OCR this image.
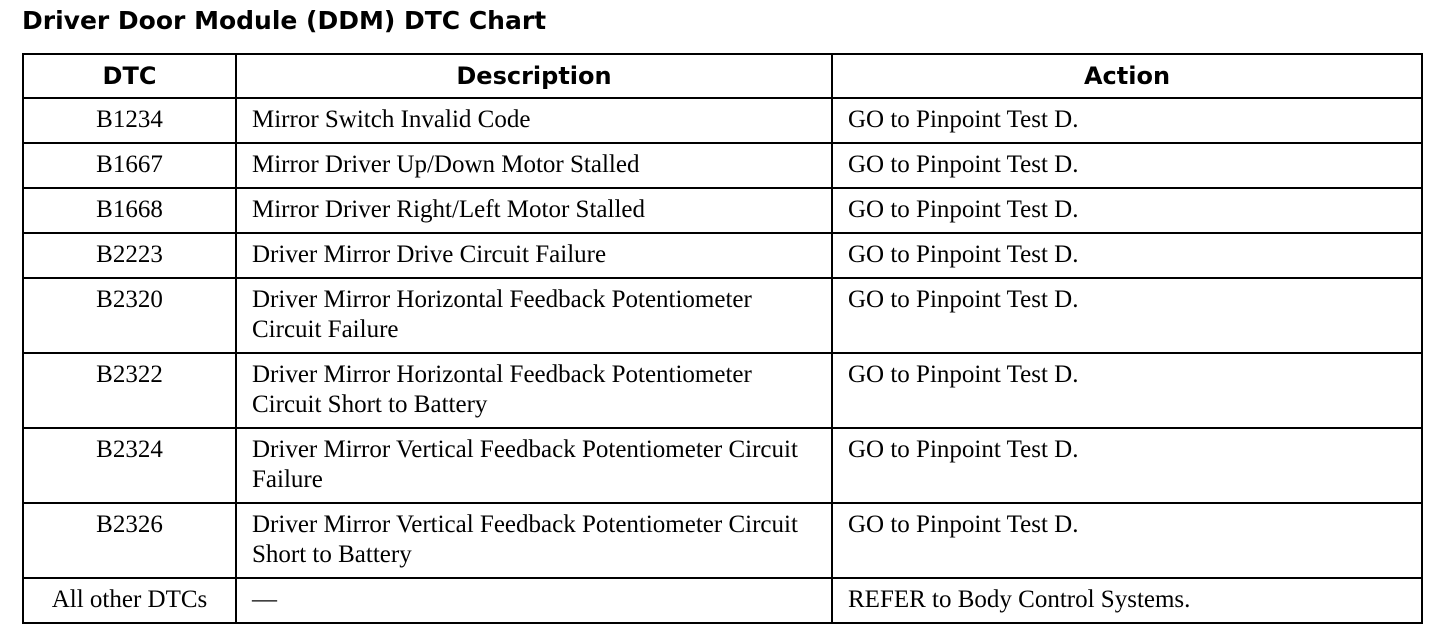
Driver Door Module (DDM) DTC Chart
DTC	Description	Action
B1234	Mirror Switch Invalid Code	GO to Pinpoint Test D.
B1667	Mirror Driver Up/Down Motor Stalled	GO to Pinpoint Test D.
B1668	Mirror Driver Right/Left Motor Stalled	GO to Pinpoint Test D.
B2223	Driver Mirror Drive Circuit Failure	GO to Pinpoint Test D.
B2320	Driver Mirror Horizontal Feedback Potentiometer Circuit Failure	GO to Pinpoint Test D.
B2322	Driver Mirror Horizontal Feedback Potentiometer Circuit Short to Battery	GO to Pinpoint Test D.
B2324	Driver Mirror Vertical Feedback Potentiometer Circuit Failure	GO to Pinpoint Test D.
B2326	Driver Mirror Vertical Feedback Potentiometer Circuit Short to Battery	GO to Pinpoint Test D.
All other DTCs	—	REFER to Body Control Systems.
